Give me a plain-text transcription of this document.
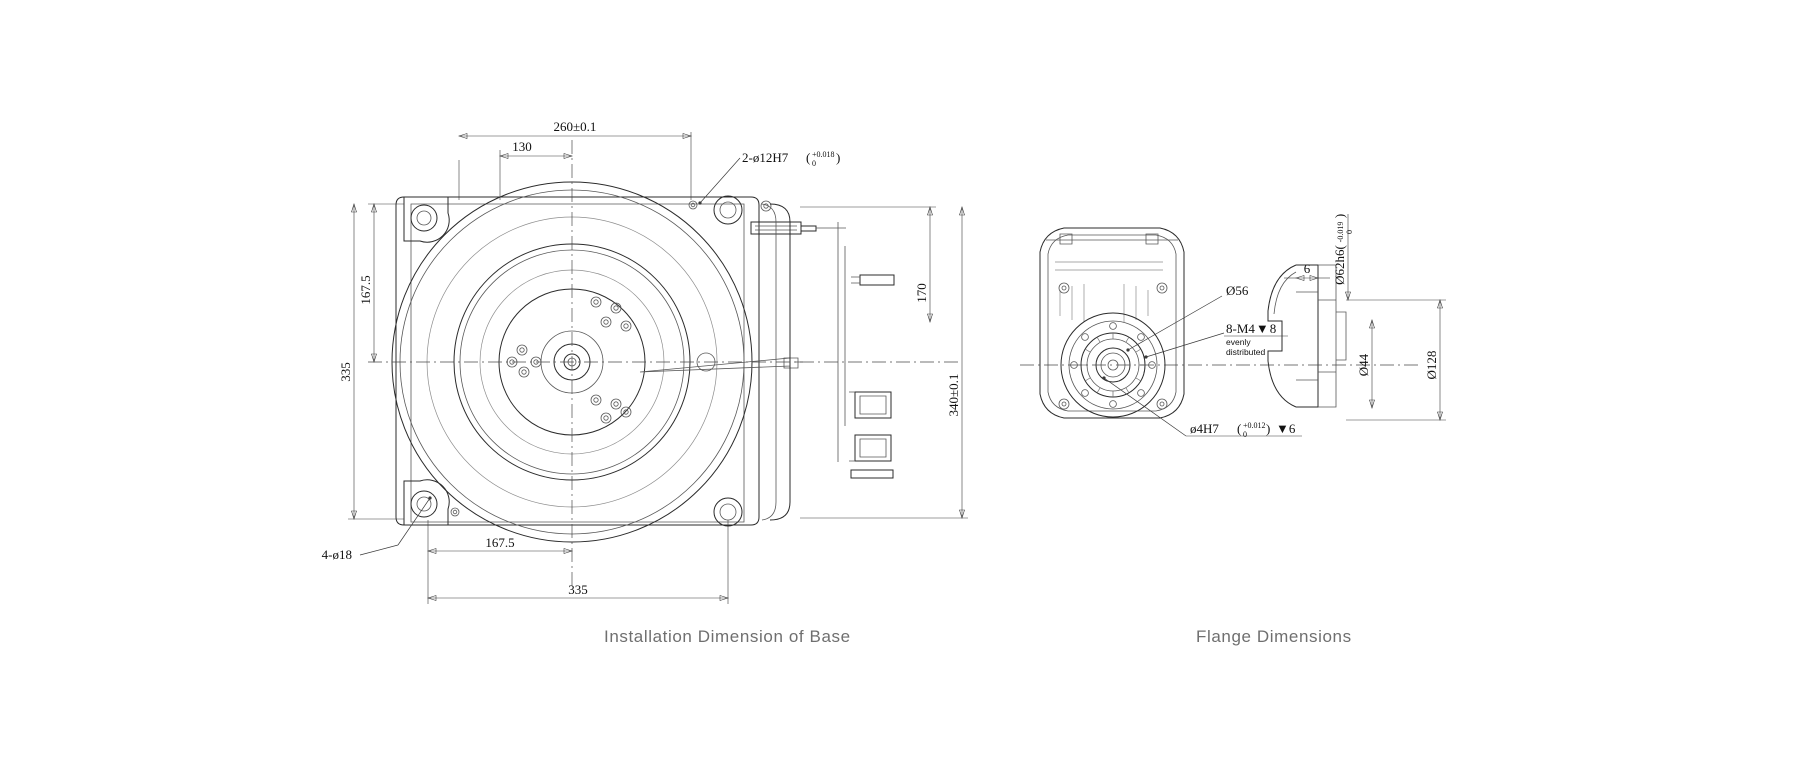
260±0.1
130
2-ø12H7 ( +0.018
0 )
170
340±0.1
167.5
335
167.5
335
4-ø18
Ø56
8-M4▼8
evenly
distributed
ø4H7 ( +0.012
0 ) ▼6
6 Ø62h6(
0
-0.019
)
Ø44	Ø128
Installation Dimension of Base	Flange Dimensions
